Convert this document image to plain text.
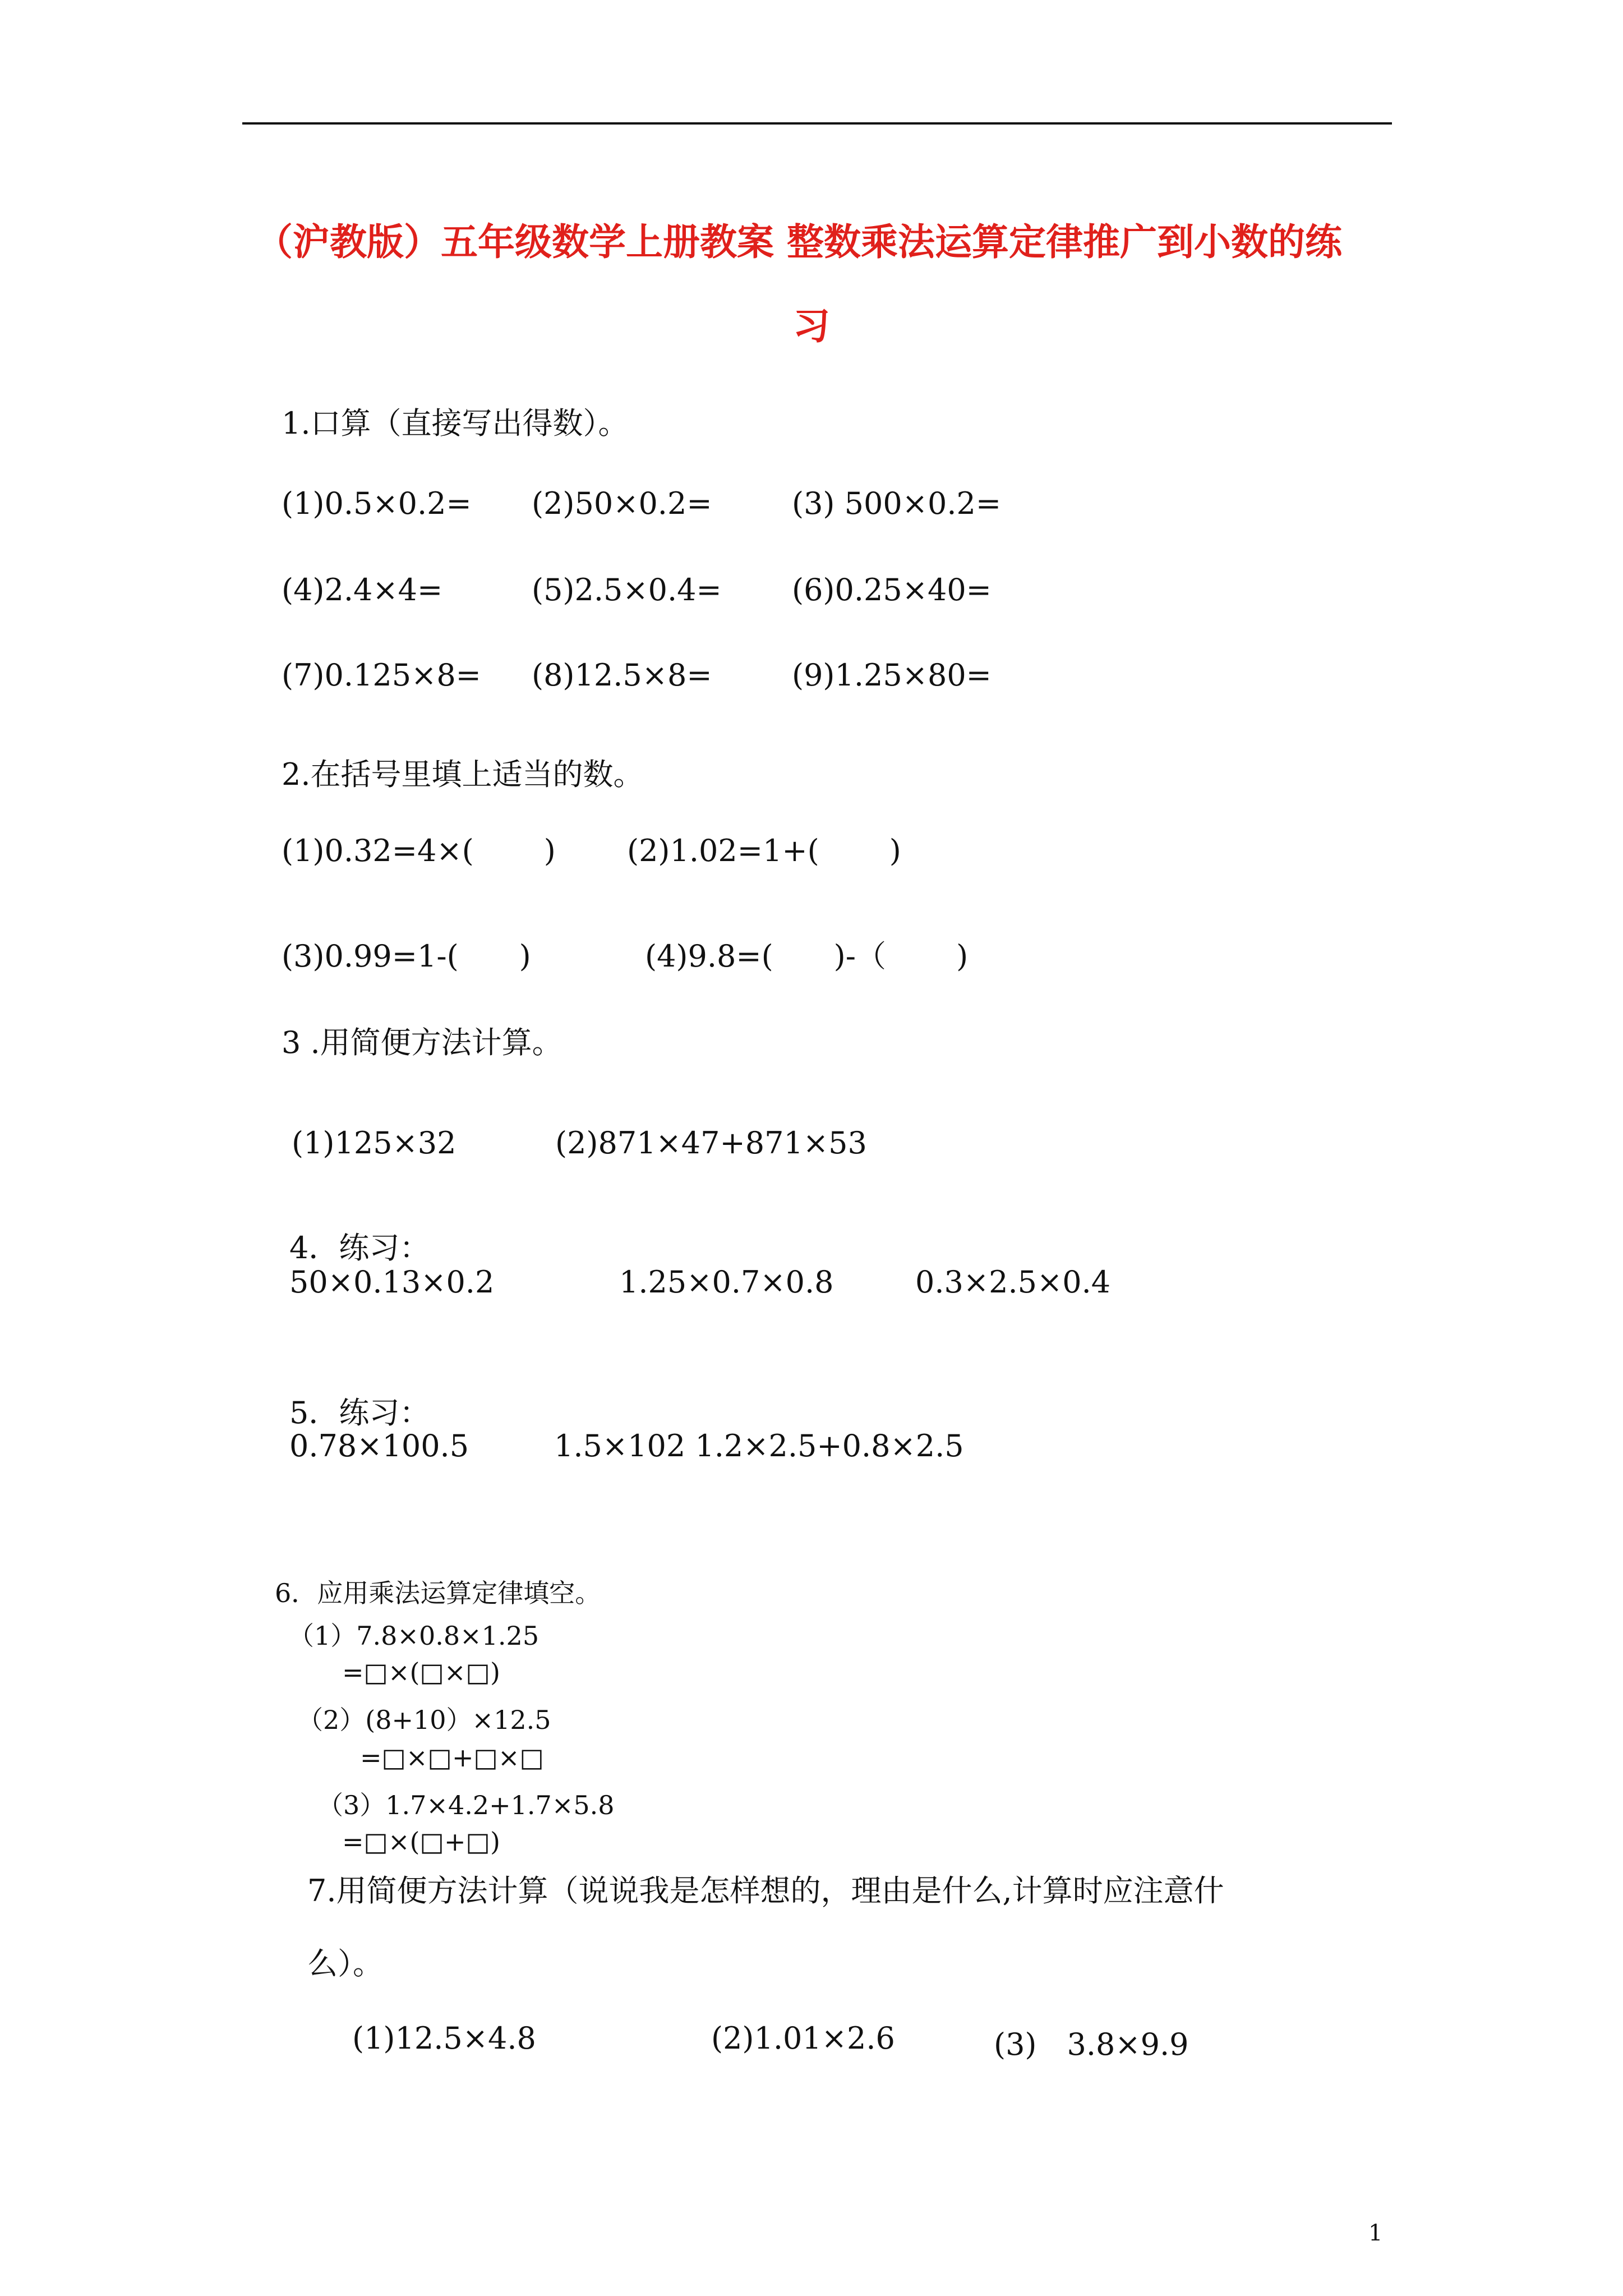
（沪教版）五年级数学上册教案 整数乘法运算定律推广到小数的练
习
1.口算（直接写出得数）。
(1)0.5×0.2= (2)50×0.2=	(3) 500×0.2=
(4)2.4×4=	(5)2.5×0.4= (6)0.25×40=
(7)0.125×8= (8)12.5×8=	(9)1.25×80=
2.在括号里填上适当的数。
(1)0.32=4×(　　 ) (2)1.02=1+(　　 )
(3)0.99=1-(　　)	(4)9.8=(　　)-（　　 )
3 .用简便方法计算。
(1)125×32	(2)871×47+871×53
4．练习：
50×0.13×0.2	1.25×0.7×0.8	0.3×2.5×0.4
5．练习：
0.78×100.5	1.5×102 1.2×2.5+0.8×2.5
6．应用乘法运算定律填空。
（1）7.8×0.8×1.25
=□×(□×□)
（2）(8+10）×12.5
=□×□+□×□
（3）1.7×4.2+1.7×5.8
=□×(□+□)
7.用简便方法计算（说说我是怎样想的，理由是什么,计算时应注意什
么）。
(1)12.5×4.8	(2)1.01×2.6	(3)　3.8×9.9
1
